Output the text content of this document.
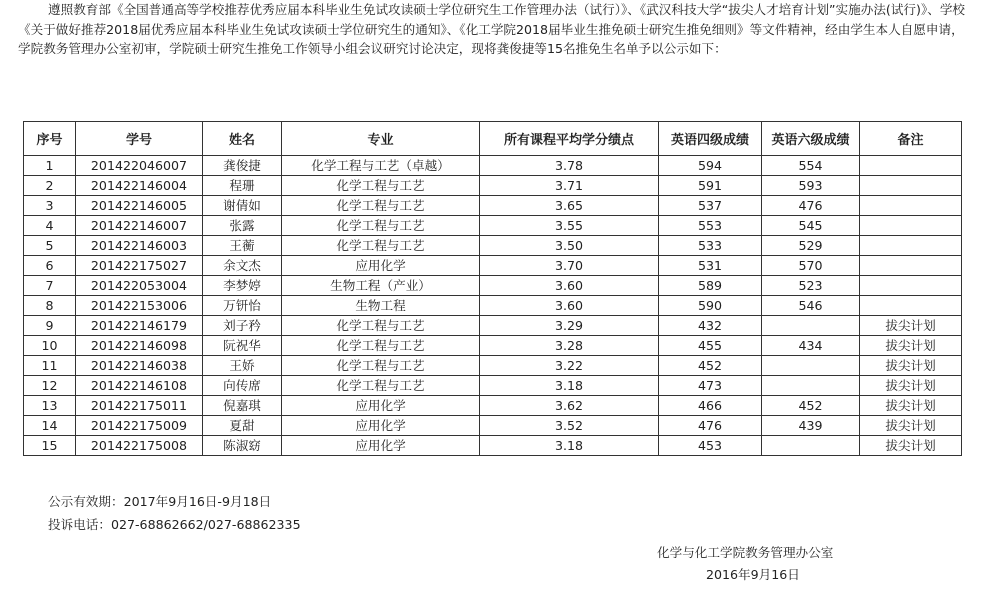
遵照教育部《全国普通高等学校推荐优秀应届本科毕业生免试攻读硕士学位研究生工作管理办法（试行）》、《武汉科技大学“拔尖人才培育计划”实施办法(试行)》、学校《关于做好推荐2018届优秀应届本科毕业生免试攻读硕士学位研究生的通知》、《化工学院2018届毕业生推免硕士研究生推免细则》等文件精神，经由学生本人自愿申请，学院教务管理办公室初审，学院硕士研究生推免工作领导小组会议研究讨论决定，现将龚俊捷等15名推免生名单予以公示如下：

序号	学号	姓名	专业	所有课程平均学分绩点	英语四级成绩	英语六级成绩	备注
1	201422046007	龚俊捷	化学工程与工艺（卓越）	3.78	594	554	
2	201422146004	程珊	化学工程与工艺	3.71	591	593	
3	201422146005	谢倩如	化学工程与工艺	3.65	537	476	
4	201422146007	张露	化学工程与工艺	3.55	553	545	
5	201422146003	王蘅	化学工程与工艺	3.50	533	529	
6	201422175027	余文杰	应用化学	3.70	531	570	
7	201422053004	李梦婷	生物工程（产业）	3.60	589	523	
8	201422153006	万钘怡	生物工程	3.60	590	546	
9	201422146179	刘子矜	化学工程与工艺	3.29	432		拔尖计划
10	201422146098	阮祝华	化学工程与工艺	3.28	455	434	拔尖计划
11	201422146038	王娇	化学工程与工艺	3.22	452		拔尖计划
12	201422146108	向传席	化学工程与工艺	3.18	473		拔尖计划
13	201422175011	倪嘉琪	应用化学	3.62	466	452	拔尖计划
14	201422175009	夏甜	应用化学	3.52	476	439	拔尖计划
15	201422175008	陈淑窈	应用化学	3.18	453		拔尖计划

公示有效期：2017年9月16日-9月18日

投诉电话：027-68862662/027-68862335

化学与化工学院教务管理办公室

2016年9月16日
